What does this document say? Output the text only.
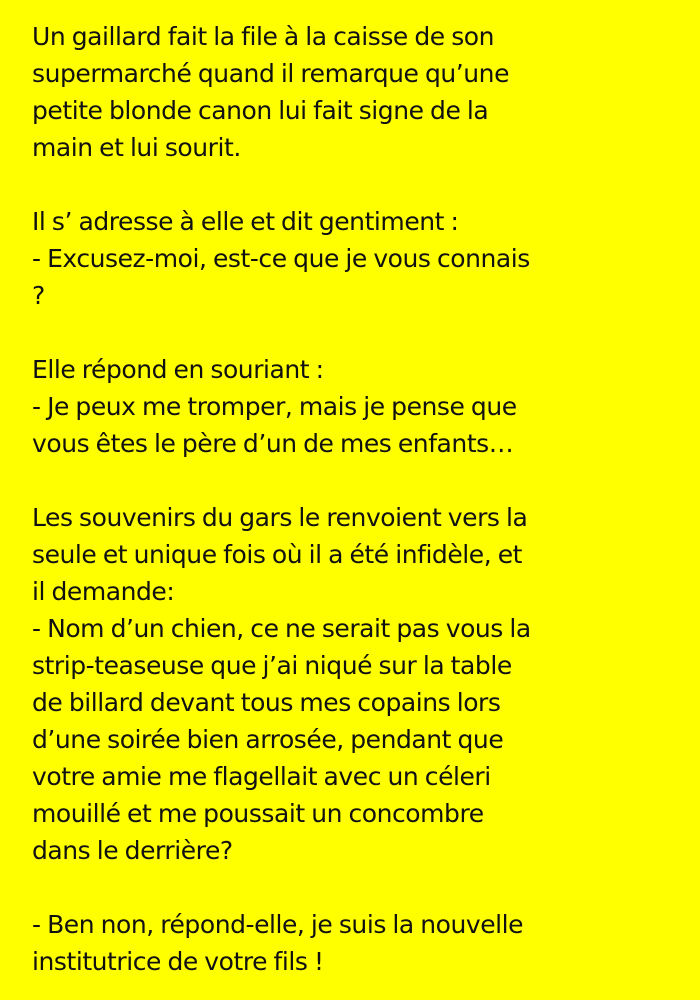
Un gaillard fait la file à la caisse de son
supermarché quand il remarque qu’une
petite blonde canon lui fait signe de la
main et lui sourit.
Il s’ adresse à elle et dit gentiment :
- Excusez-moi, est-ce que je vous connais
?
Elle répond en souriant :
- Je peux me tromper, mais je pense que
vous êtes le père d’un de mes enfants…
Les souvenirs du gars le renvoient vers la
seule et unique fois où il a été infidèle, et
il demande:
- Nom d’un chien, ce ne serait pas vous la
strip-teaseuse que j’ai niqué sur la table
de billard devant tous mes copains lors
d’une soirée bien arrosée, pendant que
votre amie me flagellait avec un céleri
mouillé et me poussait un concombre
dans le derrière?
- Ben non, répond-elle, je suis la nouvelle
institutrice de votre fils !
